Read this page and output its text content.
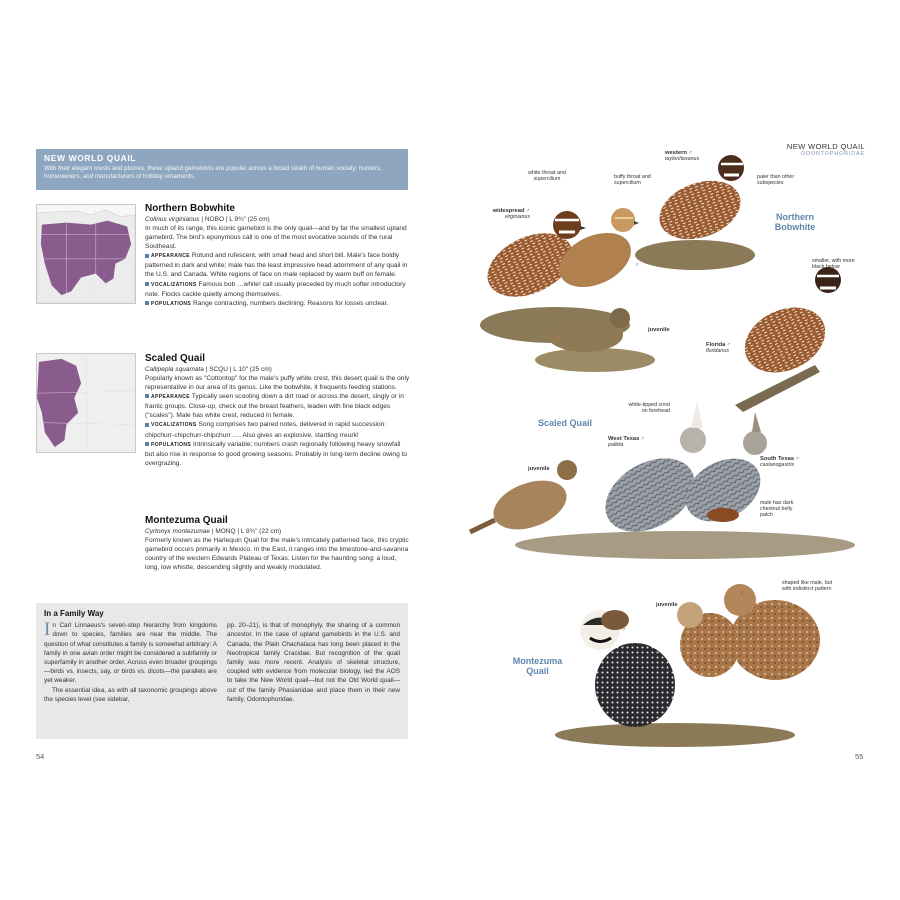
NEW WORLD QUAIL
With their elegant crests and plumes, these upland gamebirds are popular across a broad swath of human society: hunters, homeowners, and manufacturers of holiday ornaments.
Northern Bobwhite
Colinus virginianus | NOBO | L 9¾" (25 cm)
In much of its range, this iconic gamebird is the only quail—and by far the smallest upland gamebird. The bird's eponymous call is one of the most evocative sounds of the rural Southeast.
APPEARANCE Rotund and rufescent, with small head and short bill. Male's face boldly patterned in dark and white; male has the least impressive head adornment of any quail in the U.S. and Canada. White regions of face on male replaced by warm buff on female.
VOCALIZATIONS Famous bob …white! call usually preceded by much softer introductory note. Flocks cackle quietly among themselves.
POPULATIONS Range contracting, numbers declining. Reasons for losses unclear.
Scaled Quail
Callipepla squamata | SCQU | L 10" (25 cm)
Popularly known as "Cottontop" for the male's puffy white crest, this desert quail is the only representative in our area of its genus. Like the bobwhite, it frequents feeding stations.
APPEARANCE Typically seen scooting down a dirt road or across the desert, singly or in frantic groups. Close-up, check out the breast feathers, leaden with fine black edges ("scales"). Male has white crest, reduced in female.
VOCALIZATIONS Song comprises two paired notes, delivered in rapid succession: chipchurr-chipchurr-chipchurr …. Also gives an explosive, startling rreurk!
POPULATIONS Intrinsically variable; numbers crash regionally following heavy snowfall but also rise in response to good growing seasons. Probably in long-term decline owing to overgrazing.
Montezuma Quail
Cyrtonyx montezumae | MONQ | L 8¾" (22 cm)
Formerly known as the Harlequin Quail for the male's intricately patterned face, this cryptic gamebird occurs primarily in Mexico. In the East, it ranges into the limestone-and-savanna country of the western Edwards Plateau of Texas. Listen for the haunting song: a loud, long, low whistle, descending slightly and weakly modulated.
In a Family Way
In Carl Linnaeus's seven-step hierarchy from kingdoms down to species, families are near the middle. The question of what constitutes a family is somewhat arbitrary: A family in one avian order might be considered a subfamily or superfamily in another order. Across even broader groupings—birds vs. insects, say, or birds vs. dicots—the parallels are yet weaker.
The essential idea, as with all taxonomic groupings above the species level (see sidebar,
pp. 20–21), is that of monophyly, the sharing of a common ancestor. In the case of upland gamebirds in the U.S. and Canada, the Plain Chachalaca has long been placed in the Neotropical family Cracidae. But recognition of the quail family was more recent. Analysis of skeletal structure, coupled with evidence from molecular biology, led the AOS to take the New World quail—but not the Old World quail—out of the family Phasianidae and place them in their new family, Odontophoridae.
54
NEW WORLD QUAIL
ODONTOPHORIDAE
Northern Bobwhite
Scaled Quail
Montezuma Quail
white throat and supercilium	buffy throat and supercilium
western ♂
taylori/texanus
paler than other subspecies
widespread ♂
virginianus
♀
juvenile
smaller, with more black below
Florida ♂
floridanus
white-tipped crest on forehead
West Texas ♂
pallida
juvenile
South Texas ♂
castanogastris
male has dark chestnut belly patch
juvenile
shaped like male, but with indistinct pattern
♂
♀
55
